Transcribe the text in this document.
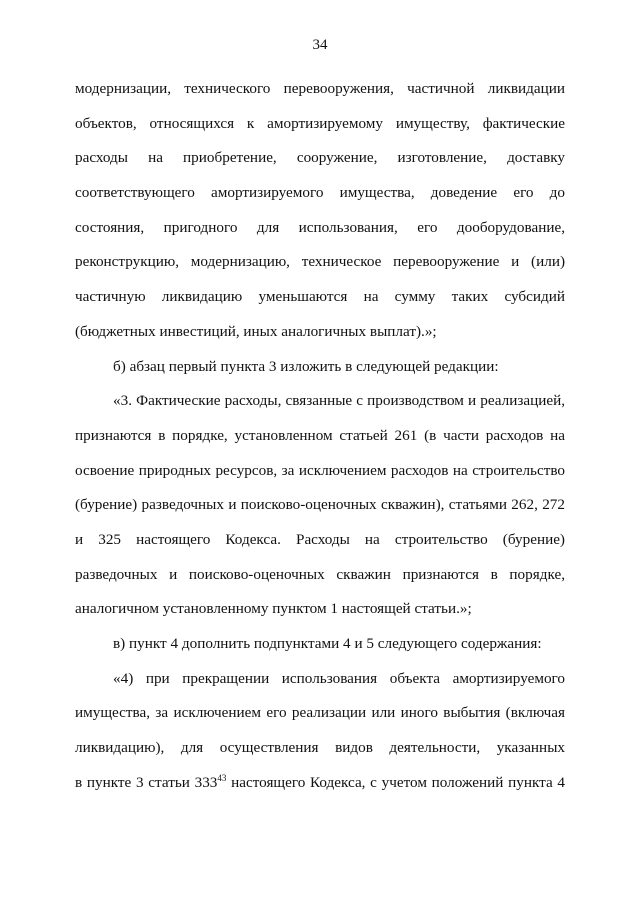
34
модернизации, технического перевооружения, частичной ликвидации
объектов, относящихся к амортизируемому имуществу, фактические
расходы на приобретение, сооружение, изготовление, доставку
соответствующего амортизируемого имущества, доведение его до
состояния, пригодного для использования, его дооборудование,
реконструкцию, модернизацию, техническое перевооружение и (или)
частичную ликвидацию уменьшаются на сумму таких субсидий
(бюджетных инвестиций, иных аналогичных выплат).»;
б) абзац первый пункта 3 изложить в следующей редакции:
«3. Фактические расходы, связанные с производством и реализацией,
признаются в порядке, установленном статьей 261 (в части расходов на
освоение природных ресурсов, за исключением расходов на строительство
(бурение) разведочных и поисково-оценочных скважин), статьями 262, 272
и 325 настоящего Кодекса. Расходы на строительство (бурение)
разведочных и поисково-оценочных скважин признаются в порядке,
аналогичном установленному пунктом 1 настоящей статьи.»;
в) пункт 4 дополнить подпунктами 4 и 5 следующего содержания:
«4) при прекращении использования объекта амортизируемого
имущества, за исключением его реализации или иного выбытия (включая
ликвидацию), для осуществления видов деятельности, указанных
в пункте 3 статьи $333^{43}$ настоящего Кодекса, с учетом положений пункта 4
